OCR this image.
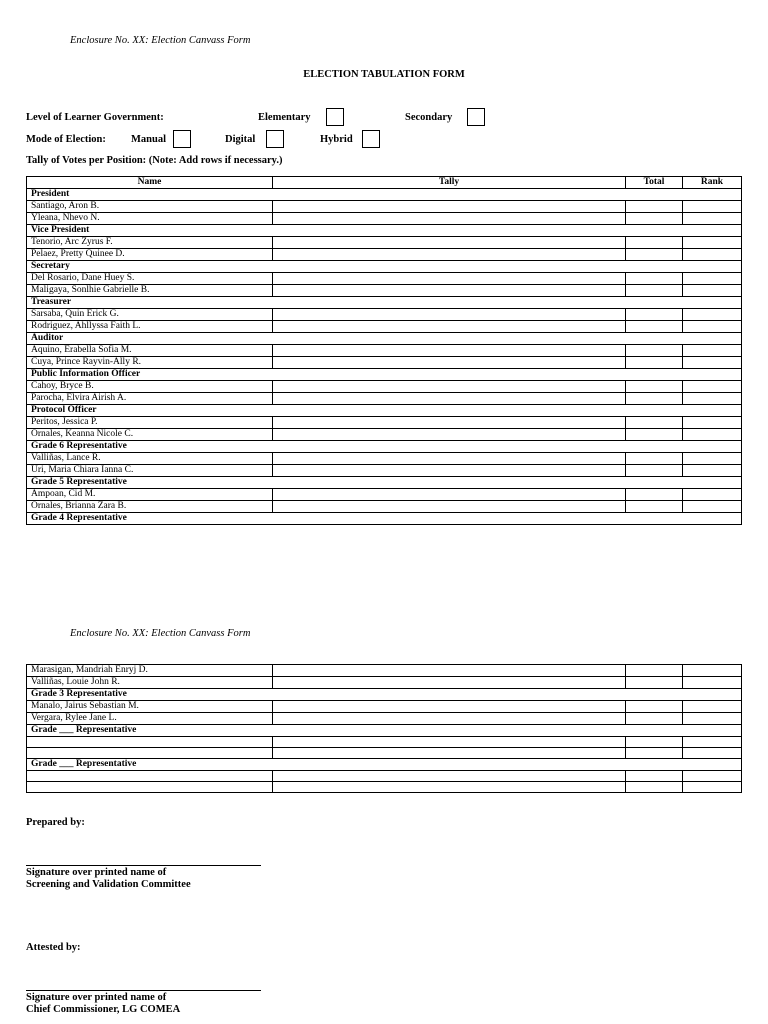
Enclosure No. XX: Election Canvass Form
ELECTION TABULATION FORM
Level of Learner Government:	Elementary	Secondary
Mode of Election: Manual	Digital	Hybrid
Tally of Votes per Position: (Note: Add rows if necessary.)
Name	Tally	Total	Rank
President			
Santiago, Aron B.			
Yleana, Nhevo N.			
Vice President			
Tenorio, Arc Zyrus F.			
Pelaez, Pretty Quinee D.			
Secretary			
Del Rosario, Dane Huey S.			
Maligaya, Sonlhie Gabrielle B.			
Treasurer			
Sarsaba, Quin Erick G.			
Rodriguez, Ahllyssa Faith L.			
Auditor			
Aquino, Erabella Sofia M.			
Cuya, Prince Rayvin-Ally R.			
Public Information Officer			
Cahoy, Bryce B.			
Parocha, Elvira Airish A.			
Protocol Officer			
Peritos, Jessica P.			
Ornales, Keanna Nicole C.			
Grade 6 Representative			
Valliñas, Lance R.			
Uri, Maria Chiara Ianna C.			
Grade 5 Representative			
Ampoan, Cid M.			
Ornales, Brianna Zara B.			
Grade 4 Representative			
Enclosure No. XX: Election Canvass Form
Marasigan, Mandriah Enryj D.			
Valliñas, Louie John R.			
Grade 3 Representative			
Manalo, Jairus Sebastian M.			
Vergara, Rylee Jane L.			
Grade ___ Representative			

Grade ___ Representative			

Prepared by:
Signature over printed name of
Screening and Validation Committee
Attested by:
Signature over printed name of
Chief Commissioner, LG COMEA
